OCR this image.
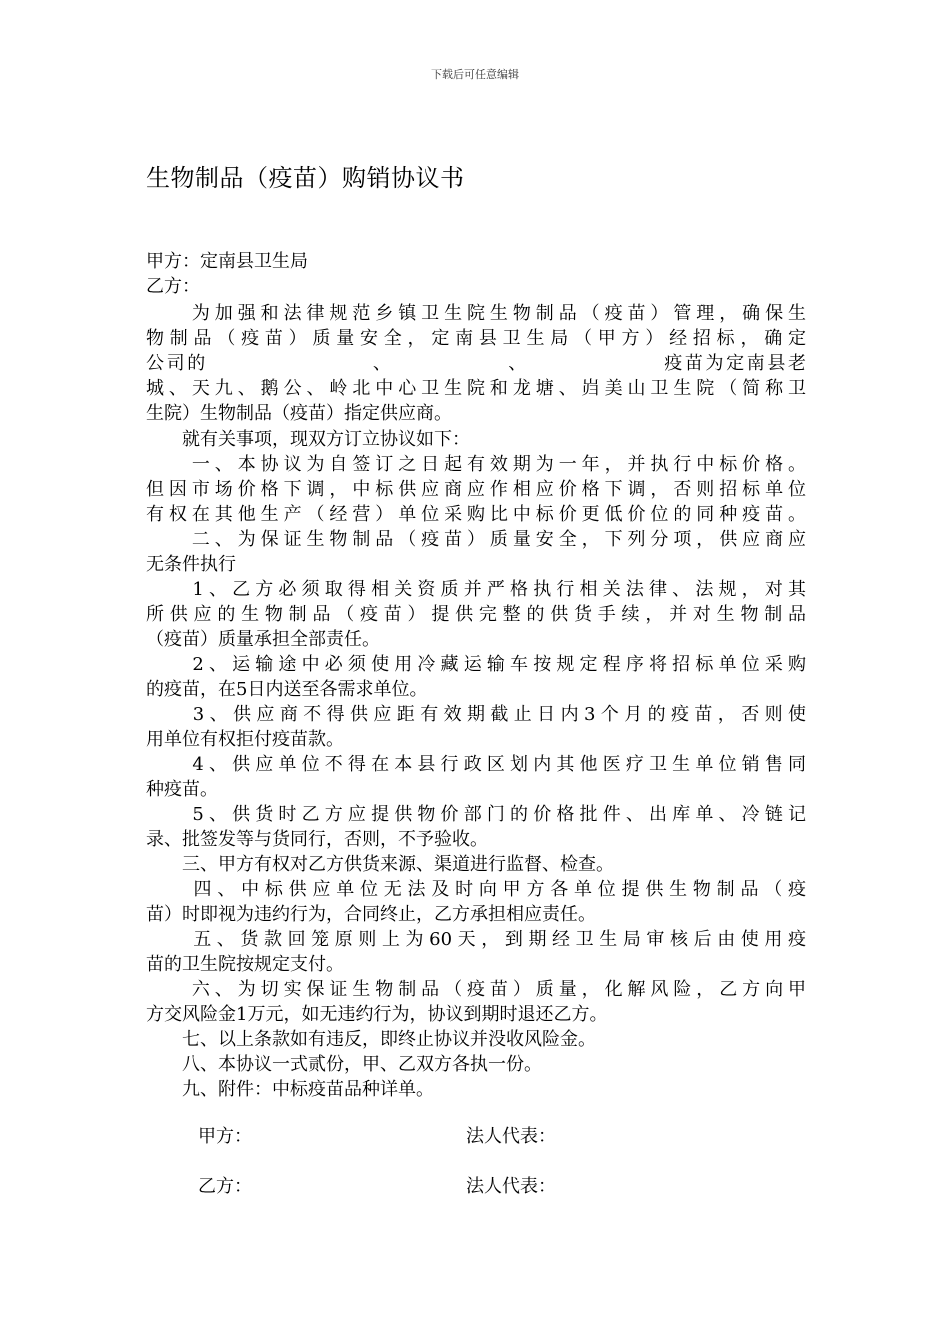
下载后可任意编辑
生物制品（疫苗）购销协议书
甲方：定南县卫生局
乙方：
　　为加强和法律规范乡镇卫生院生物制品（疫苗）管理，确保生
物制品（疫苗）质量安全，定南县卫生局（甲方）经招标，确定
公司的　　　　　　　　、　　　　　　、　　　　　　　疫苗为定南县老
城、天九、鹅公、岭北中心卫生院和龙塘、岿美山卫生院（简称卫
生院）生物制品（疫苗）指定供应商。
　　就有关事项，现双方订立协议如下：
　　一、本协议为自签订之日起有效期为一年，并执行中标价格。
但因市场价格下调，中标供应商应作相应价格下调，否则招标单位
有权在其他生产（经营）单位采购比中标价更低价位的同种疫苗。
　　二、为保证生物制品（疫苗）质量安全，下列分项，供应商应
无条件执行
　　1、乙方必须取得相关资质并严格执行相关法律、法规，对其
所供应的生物制品（疫苗）提供完整的供货手续，并对生物制品
（疫苗）质量承担全部责任。
　　2、运输途中必须使用冷藏运输车按规定程序将招标单位采购
的疫苗，在5日内送至各需求单位。
　　3、供应商不得供应距有效期截止日内3个月的疫苗，否则使
用单位有权拒付疫苗款。
　　4、供应单位不得在本县行政区划内其他医疗卫生单位销售同
种疫苗。
　　5、供货时乙方应提供物价部门的价格批件、出库单、冷链记
录、批签发等与货同行，否则，不予验收。
　　三、甲方有权对乙方供货来源、渠道进行监督、检查。
　　四、中标供应单位无法及时向甲方各单位提供生物制品（疫
苗）时即视为违约行为，合同终止，乙方承担相应责任。
　　五、货款回笼原则上为60天，到期经卫生局审核后由使用疫
苗的卫生院按规定支付。
　　六、为切实保证生物制品（疫苗）质量，化解风险，乙方向甲
方交风险金1万元，如无违约行为，协议到期时退还乙方。
　　七、以上条款如有违反，即终止协议并没收风险金。
　　八、本协议一式贰份，甲、乙双方各执一份。
　　九、附件：中标疫苗品种详单。
甲方：	法人代表：
乙方：	法人代表：
